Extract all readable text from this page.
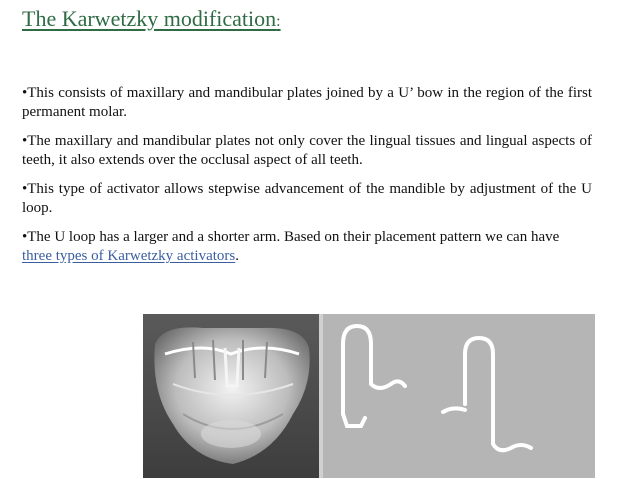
The Karwetzky modification:

•This consists of maxillary and mandibular plates joined by a U’ bow in the region of the first permanent molar.

•The maxillary and mandibular plates not only cover the lingual tissues and lingual aspects of teeth, it also extends over the occlusal aspect of all teeth.

•This type of activator allows stepwise advancement of the mandible by adjustment of the U loop.

•The U loop has a larger and a shorter arm. Based on their placement pattern we can have three types of Karwetzky activators.
